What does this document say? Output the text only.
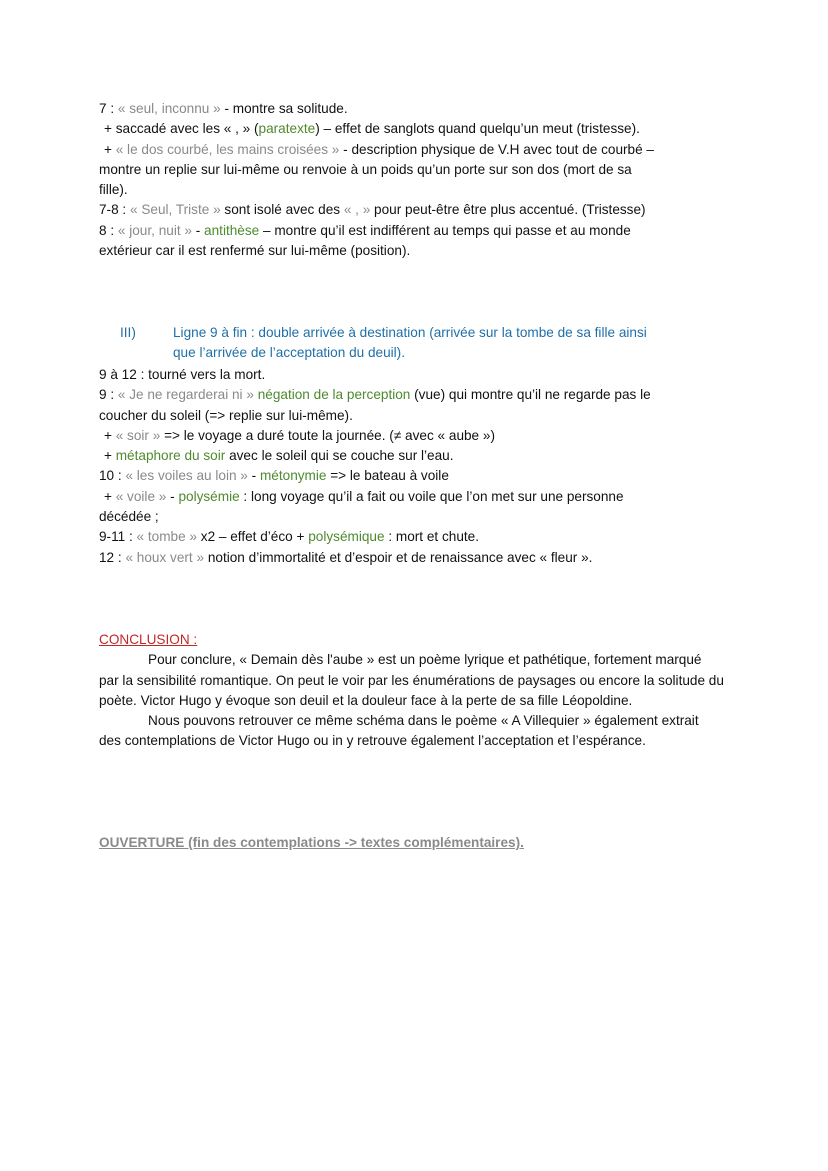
7 : « seul, inconnu » - montre sa solitude.
+ saccadé avec les « , » (paratexte) – effet de sanglots quand quelqu’un meut (tristesse).
+ « le dos courbé, les mains croisées » - description physique de V.H avec tout de courbé –
montre un replie sur lui-même ou renvoie à un poids qu’un porte sur son dos (mort de sa
fille).
7-8 : « Seul, Triste » sont isolé avec des « , » pour peut-être être plus accentué. (Tristesse)
8 : « jour, nuit » - antithèse – montre qu’il est indifférent au temps qui passe et au monde
extérieur car il est renfermé sur lui-même (position).
III)	Ligne 9 à fin : double arrivée à destination (arrivée sur la tombe de sa fille ainsi
que l’arrivée de l’acceptation du deuil).
9 à 12 : tourné vers la mort.
9 : « Je ne regarderai ni » négation de la perception (vue) qui montre qu’il ne regarde pas le
coucher du soleil (=> replie sur lui-même).
+ « soir » => le voyage a duré toute la journée. (≠ avec « aube »)
+ métaphore du soir avec le soleil qui se couche sur l’eau.
10 : « les voiles au loin » - métonymie => le bateau à voile
+ « voile » - polysémie : long voyage qu’il a fait ou voile que l’on met sur une personne
décédée ;
9-11 : « tombe » x2 – effet d’éco + polysémique : mort et chute.
12 : « houx vert » notion d’immortalité et d’espoir et de renaissance avec « fleur ».
CONCLUSION :
Pour conclure, « Demain dès l'aube » est un poème lyrique et pathétique, fortement marqué par la sensibilité romantique. On peut le voir par les énumérations de paysages ou encore la solitude du poète. Victor Hugo y évoque son deuil et la douleur face à la perte de sa fille Léopoldine.
Nous pouvons retrouver ce même schéma dans le poème « A Villequier » également extrait des contemplations de Victor Hugo ou in y retrouve également l’acceptation et l’espérance.
OUVERTURE (fin des contemplations -> textes complémentaires).
